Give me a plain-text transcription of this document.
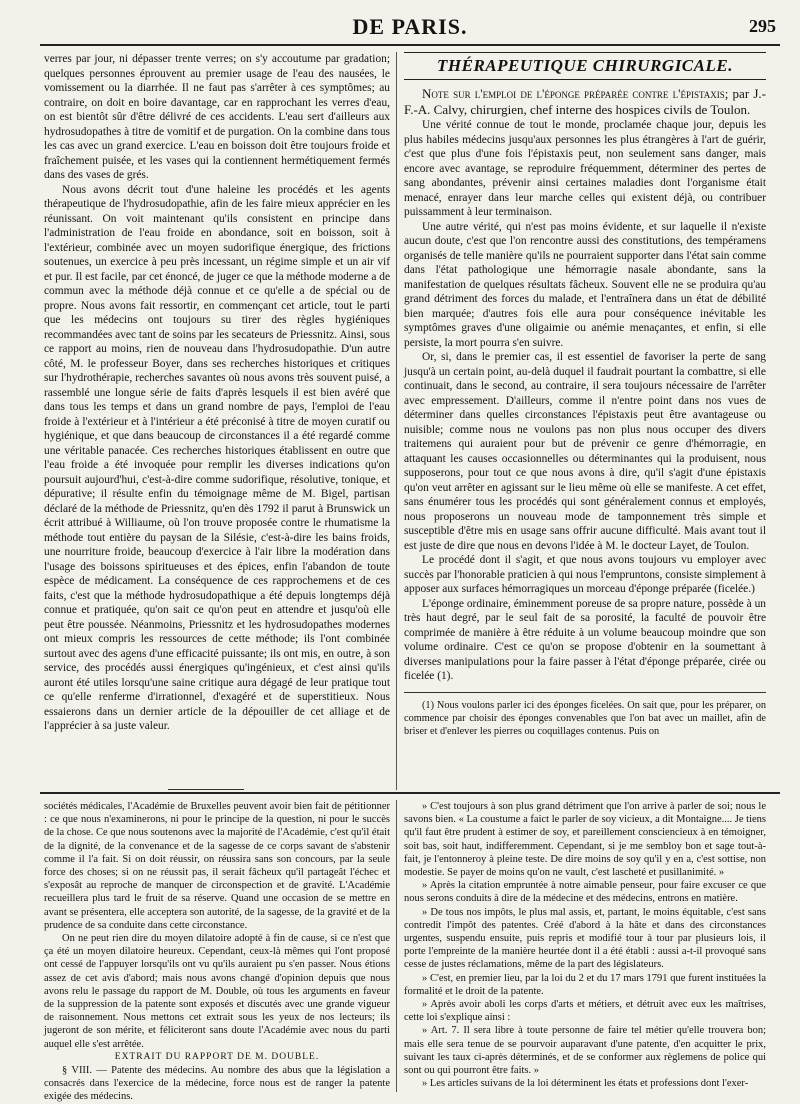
DE PARIS.	295

verres par jour, ni dépasser trente verres; on s'y accoutume par gradation; quelques personnes éprouvent au premier usage de l'eau des nausées, le vomissement ou la diarrhée. Il ne faut pas s'arrêter à ces symptômes; au contraire, on doit en boire davantage, car en rapprochant les verres d'eau, on est bientôt sûr d'être délivré de ces accidents. L'eau sert d'ailleurs aux hydrosudopathes à titre de vomitif et de purgation. On la combine dans tous les cas avec un grand exercice. L'eau en boisson doit être toujours froide et fraîchement puisée, et les vases qui la contiennent hermétiquement fermés dans des vases de grés.

Nous avons décrit tout d'une haleine les procédés et les agents thérapeutique de l'hydrosudopathie, afin de les faire mieux apprécier en les réunissant. On voit maintenant qu'ils consistent en principe dans l'administration de l'eau froide en abondance, soit en boisson, soit à l'extérieur, combinée avec un moyen sudorifique énergique, des frictions soutenues, un exercice à peu près incessant, un régime simple et un air vif et pur. Il est facile, par cet énoncé, de juger ce que la méthode moderne a de commun avec la méthode déjà connue et ce qu'elle a de spécial ou de propre. Nous avons fait ressortir, en commençant cet article, tout le parti que les médecins ont toujours su tirer des règles hygiéniques recommandées avec tant de soins par les secateurs de Priessnitz. Ainsi, sous ce rapport au moins, rien de nouveau dans l'hydrosudopathie. D'un autre côté, M. le professeur Boyer, dans ses recherches historiques et critiques sur l'hydrothérapie, recherches savantes où nous avons très souvent puisé, a rassemblé une longue série de faits d'après lesquels il est bien avéré que dans tous les temps et dans un grand nombre de pays, l'emploi de l'eau froide à l'extérieur et à l'intérieur a été préconisé à titre de moyen curatif ou hygiénique, et que dans beaucoup de circonstances il a été regardé comme une véritable panacée. Ces recherches historiques établissent en outre que l'eau froide a été invoquée pour remplir les diverses indications qu'on poursuit aujourd'hui, c'est-à-dire comme sudorifique, résolutive, tonique, et dépurative; il résulte enfin du témoignage même de M. Bigel, partisan déclaré de la méthode de Priessnitz, qu'en dès 1792 il parut à Brunswick un écrit attribué à Williaume, où l'on trouve proposée contre le rhumatisme la méthode tout entière du paysan de la Silésie, c'est-à-dire les bains froids, une nourriture froide, beaucoup d'exercice à l'air libre la modération dans l'usage des boissons spiritueuses et des épices, enfin l'abandon de toute espèce de médicament. La conséquence de ces rapprochemens et de ces faits, c'est que la méthode hydrosudopathique a été depuis longtemps déjà connue et pratiquée, qu'on sait ce qu'on peut en attendre et jusqu'où elle peut être poussée. Néanmoins, Priessnitz et les hydrosudopathes modernes ont mieux compris les ressources de cette méthode; ils l'ont combinée surtout avec des agens d'une efficacité puissante; ils ont mis, en outre, à son service, des procédés aussi énergiques qu'ingénieux, et c'est ainsi qu'ils auront été utiles lorsqu'une saine critique aura dégagé de leur pratique tout ce qu'elle renferme d'irrationnel, d'exagéré et de superstitieux. Nous essaierons dans un dernier article de la dépouiller de cet alliage et de l'apprécier à sa juste valeur.

THÉRAPEUTIQUE CHIRURGICALE.

Note sur l'emploi de l'éponge préparée contre l'épistaxis; par J.-F.-A. Calvy, chirurgien, chef interne des hospices civils de Toulon.

Une vérité connue de tout le monde, proclamée chaque jour, depuis les plus habiles médecins jusqu'aux personnes les plus étrangères à l'art de guérir, c'est que plus d'une fois l'épistaxis peut, non seulement sans danger, mais encore avec avantage, se reproduire fréquemment, déterminer des pertes de sang abondantes, prévenir ainsi certaines maladies dont l'organisme était menacé, enrayer dans leur marche celles qui existent déjà, ou contribuer puissamment à leur terminaison.

Une autre vérité, qui n'est pas moins évidente, et sur laquelle il n'existe aucun doute, c'est que l'on rencontre aussi des constitutions, des tempéramens organisés de telle manière qu'ils ne pourraient supporter dans l'état sain comme dans l'état pathologique une hémorragie nasale abondante, sans la manifestation de quelques résultats fâcheux. Souvent elle ne se produira qu'au grand détriment des forces du malade, et l'entraînera dans un état de débilité bien marquée; d'autres fois elle aura pour conséquence inévitable les symptômes graves d'une oligaimie ou anémie menaçantes, et enfin, si elle persiste, la mort pourra s'en suivre.

Or, si, dans le premier cas, il est essentiel de favoriser la perte de sang jusqu'à un certain point, au-delà duquel il faudrait pourtant la combattre, si elle continuait, dans le second, au contraire, il sera toujours nécessaire de l'arrêter avec empressement. D'ailleurs, comme il n'entre point dans nos vues de déterminer dans quelles circonstances l'épistaxis peut être avantageuse ou nuisible; comme nous ne voulons pas non plus nous occuper des divers traitemens qui auraient pour but de prévenir ce genre d'hémorragie, en attaquant les causes occasionnelles ou déterminantes qui la produisent, nous supposerons, pour tout ce que nous avons à dire, qu'il s'agit d'une épistaxis qu'on veut arrêter en agissant sur le lieu même où elle se manifeste. A cet effet, sans énumérer tous les procédés qui sont généralement connus et employés, nous proposerons un nouveau mode de tamponnement très simple et susceptible d'être mis en usage sans offrir aucune difficulté. Mais avant tout il est juste de dire que nous en devons l'idée à M. le docteur Layet, de Toulon.

Le procédé dont il s'agit, et que nous avons toujours vu employer avec succès par l'honorable praticien à qui nous l'empruntons, consiste simplement à apposer aux surfaces hémorragiques un morceau d'éponge préparée (ficelée.)

L'éponge ordinaire, éminemment poreuse de sa propre nature, possède à un très haut degré, par le seul fait de sa porosité, la faculté de pouvoir être comprimée de manière à être réduite à un volume beaucoup moindre que son volume ordinaire. C'est ce qu'on se propose d'obtenir en la soumettant à diverses manipulations pour la faire passer à l'état d'éponge préparée, cirée ou ficelée (1).

(1) Nous voulons parler ici des éponges ficelées. On sait que, pour les préparer, on commence par choisir des éponges convenables que l'on bat avec un maillet, afin de briser et d'enlever les pierres ou coquillages contenus. Puis on

sociétés médicales, l'Académie de Bruxelles peuvent avoir bien fait de pétitionner : ce que nous n'examinerons, ni pour le principe de la question, ni pour le succès de la chose. Ce que nous soutenons avec la majorité de l'Académie, c'est qu'il était de la dignité, de la convenance et de la sagesse de ce corps savant de s'abstenir comme il l'a fait. Si on doit réussir, on réussira sans son concours, par la seule force des choses; si on ne réussit pas, il serait fâcheux qu'il partageât l'échec et s'exposât au reproche de manquer de circonspection et de gravité. L'Académie recueillera plus tard le fruit de sa réserve. Quand une occasion de se mettre en avant se présentera, elle acceptera son autorité, de la sagesse, de la gravité et de la prudence de sa conduite dans cette circonstance.

On ne peut rien dire du moyen dilatoire adopté à fin de cause, si ce n'est que ça été un moyen dilatoire heureux. Cependant, ceux-là mêmes qui l'ont proposé ont cessé de l'appuyer lorsqu'ils ont vu qu'ils auraient pu s'en passer. Nous étions assez de cet avis d'abord; mais nous avons changé d'opinion depuis que nous avons relu le passage du rapport de M. Double, où tous les arguments en faveur de la suppression de la patente sont exposés et discutés avec une grande vigueur de raisonnement. Nous mettons cet extrait sous les yeux de nos lecteurs; ils jugeront de son mérite, et féliciteront sans doute l'Académie avec nous du parti auquel elle s'est arrêtée.

EXTRAIT DU RAPPORT DE M. DOUBLE.

§ VIII. — Patente des médecins. Au nombre des abus que la législation a consacrés dans l'exercice de la médecine, force nous est de ranger la patente exigée des médecins.

» C'est toujours à son plus grand détriment que l'on arrive à parler de soi; nous le savons bien. « La coustume a faict le parler de soy vicieux, a dit Montaigne.... Je tiens qu'il faut être prudent à estimer de soy, et pareillement consciencieux à en témoigner, soit bas, soit haut, indifferemment. Cependant, si je me sembloy bon et sage tout-à-fait, je l'entonneroy à pleine teste. De dire moins de soy qu'il y en a, c'est sottise, non modestie. Se payer de moins qu'on ne vault, c'est lascheté et pusillanimité. »

» Après la citation empruntée à notre aimable penseur, pour faire excuser ce que nous serons conduits à dire de la médecine et des médecins, entrons en matière.

» De tous nos impôts, le plus mal assis, et, partant, le moins équitable, c'est sans contredit l'impôt des patentes. Créé d'abord à la hâte et dans des circonstances urgentes, suspendu ensuite, puis repris et modifié tour à tour par plusieurs lois, il porte l'empreinte de la manière heurtée dont il a été établi : aussi a-t-il provoqué sans cesse de justes réclamations, même de la part des législateurs.

» C'est, en premier lieu, par la loi du 2 et du 17 mars 1791 que furent instituées la formalité et le droit de la patente.

» Après avoir aboli les corps d'arts et métiers, et détruit avec eux les maîtrises, cette loi s'explique ainsi :

» Art. 7. Il sera libre à toute personne de faire tel métier qu'elle trouvera bon; mais elle sera tenue de se pourvoir auparavant d'une patente, d'en acquitter le prix, suivant les taux ci-après déterminés, et de se conformer aux règlemens de police qui sont ou qui pourront être faits. »

» Les articles suivans de la loi déterminent les états et professions dont l'exer-
